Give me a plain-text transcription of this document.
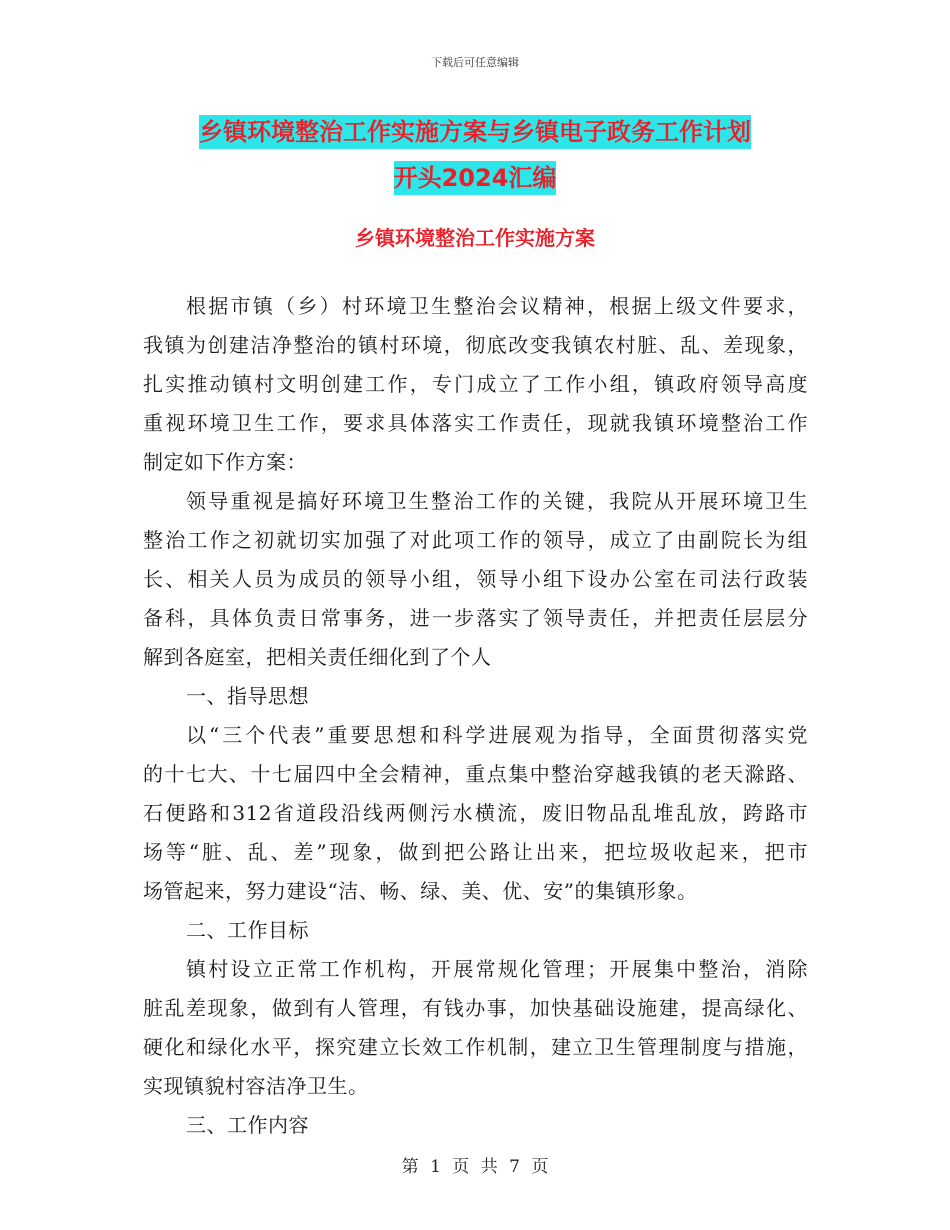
下载后可任意编辑
乡镇环境整治工作实施方案与乡镇电子政务工作计划
开头2024汇编
乡镇环境整治工作实施方案
根据市镇（乡）村环境卫生整治会议精神，根据上级文件要求，
我镇为创建洁净整治的镇村环境，彻底改变我镇农村脏、乱、差现象，
扎实推动镇村文明创建工作，专门成立了工作小组，镇政府领导高度
重视环境卫生工作，要求具体落实工作责任，现就我镇环境整治工作
制定如下作方案：
领导重视是搞好环境卫生整治工作的关键，我院从开展环境卫生
整治工作之初就切实加强了对此项工作的领导，成立了由副院长为组
长、相关人员为成员的领导小组，领导小组下设办公室在司法行政装
备科，具体负责日常事务，进一步落实了领导责任，并把责任层层分
解到各庭室，把相关责任细化到了个人
一、指导思想
以“三个代表”重要思想和科学进展观为指导，全面贯彻落实党
的十七大、十七届四中全会精神，重点集中整治穿越我镇的老天滁路、
石便路和312省道段沿线两侧污水横流，废旧物品乱堆乱放，跨路市
场等“脏、乱、差”现象，做到把公路让出来，把垃圾收起来，把市
场管起来，努力建设“洁、畅、绿、美、优、安”的集镇形象。
二、工作目标
镇村设立正常工作机构，开展常规化管理；开展集中整治，消除
脏乱差现象，做到有人管理，有钱办事，加快基础设施建，提高绿化、
硬化和绿化水平，探究建立长效工作机制，建立卫生管理制度与措施，
实现镇貌村容洁净卫生。
三、工作内容
第 1 页 共 7 页
